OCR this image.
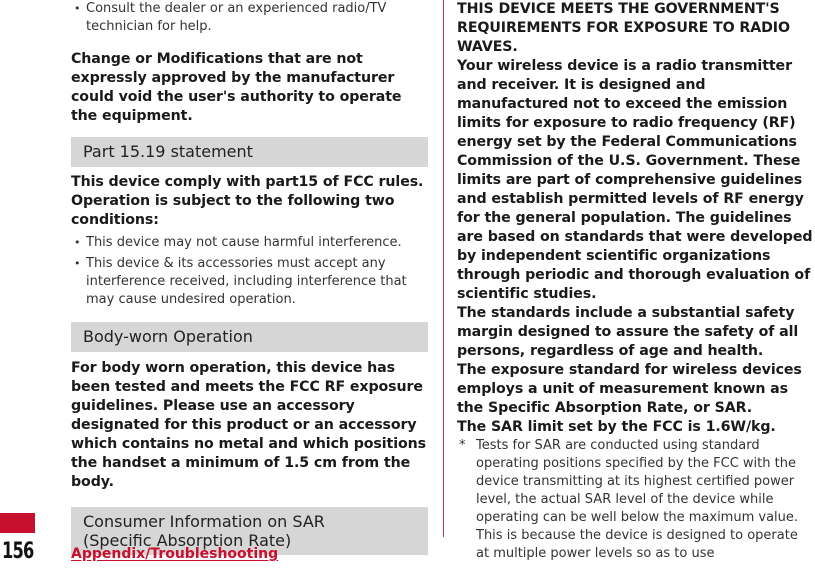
• Consult the dealer or an experienced radio/TV technician for help.

Change or Modifications that are not expressly approved by the manufacturer could void the user's authority to operate the equipment.

Part 15.19 statement

This device comply with part15 of FCC rules. Operation is subject to the following two conditions:

• This device may not cause harmful interference.
• This device & its accessories must accept any interference received, including interference that may cause undesired operation.

Body-worn Operation

For body worn operation, this device has been tested and meets the FCC RF exposure guidelines. Please use an accessory designated for this product or an accessory which contains no metal and which positions the handset a minimum of 1.5 cm from the body.

Consumer Information on SAR
(Specific Absorption Rate)

THIS DEVICE MEETS THE GOVERNMENT'S

REQUIREMENTS FOR EXPOSURE TO RADIO

WAVES.

Your wireless device is a radio transmitter and receiver. It is designed and manufactured not to exceed the emission limits for exposure to radio frequency (RF) energy set by the Federal Communications Commission of the U.S. Government. These limits are part of comprehensive guidelines and establish permitted levels of RF energy for the general population. The guidelines are based on standards that were developed by independent scientific organizations through periodic and thorough evaluation of scientific studies.

The standards include a substantial safety margin designed to assure the safety of all persons, regardless of age and health.

The exposure standard for wireless devices employs a unit of measurement known as the Specific Absorption Rate, or SAR.

The SAR limit set by the FCC is 1.6W/kg.

* Tests for SAR are conducted using standard operating positions specified by the FCC with the device transmitting at its highest certified power level, the actual SAR level of the device while operating can be well below the maximum value. This is because the device is designed to operate at multiple power levels so as to use

156	Appendix/Troubleshooting
